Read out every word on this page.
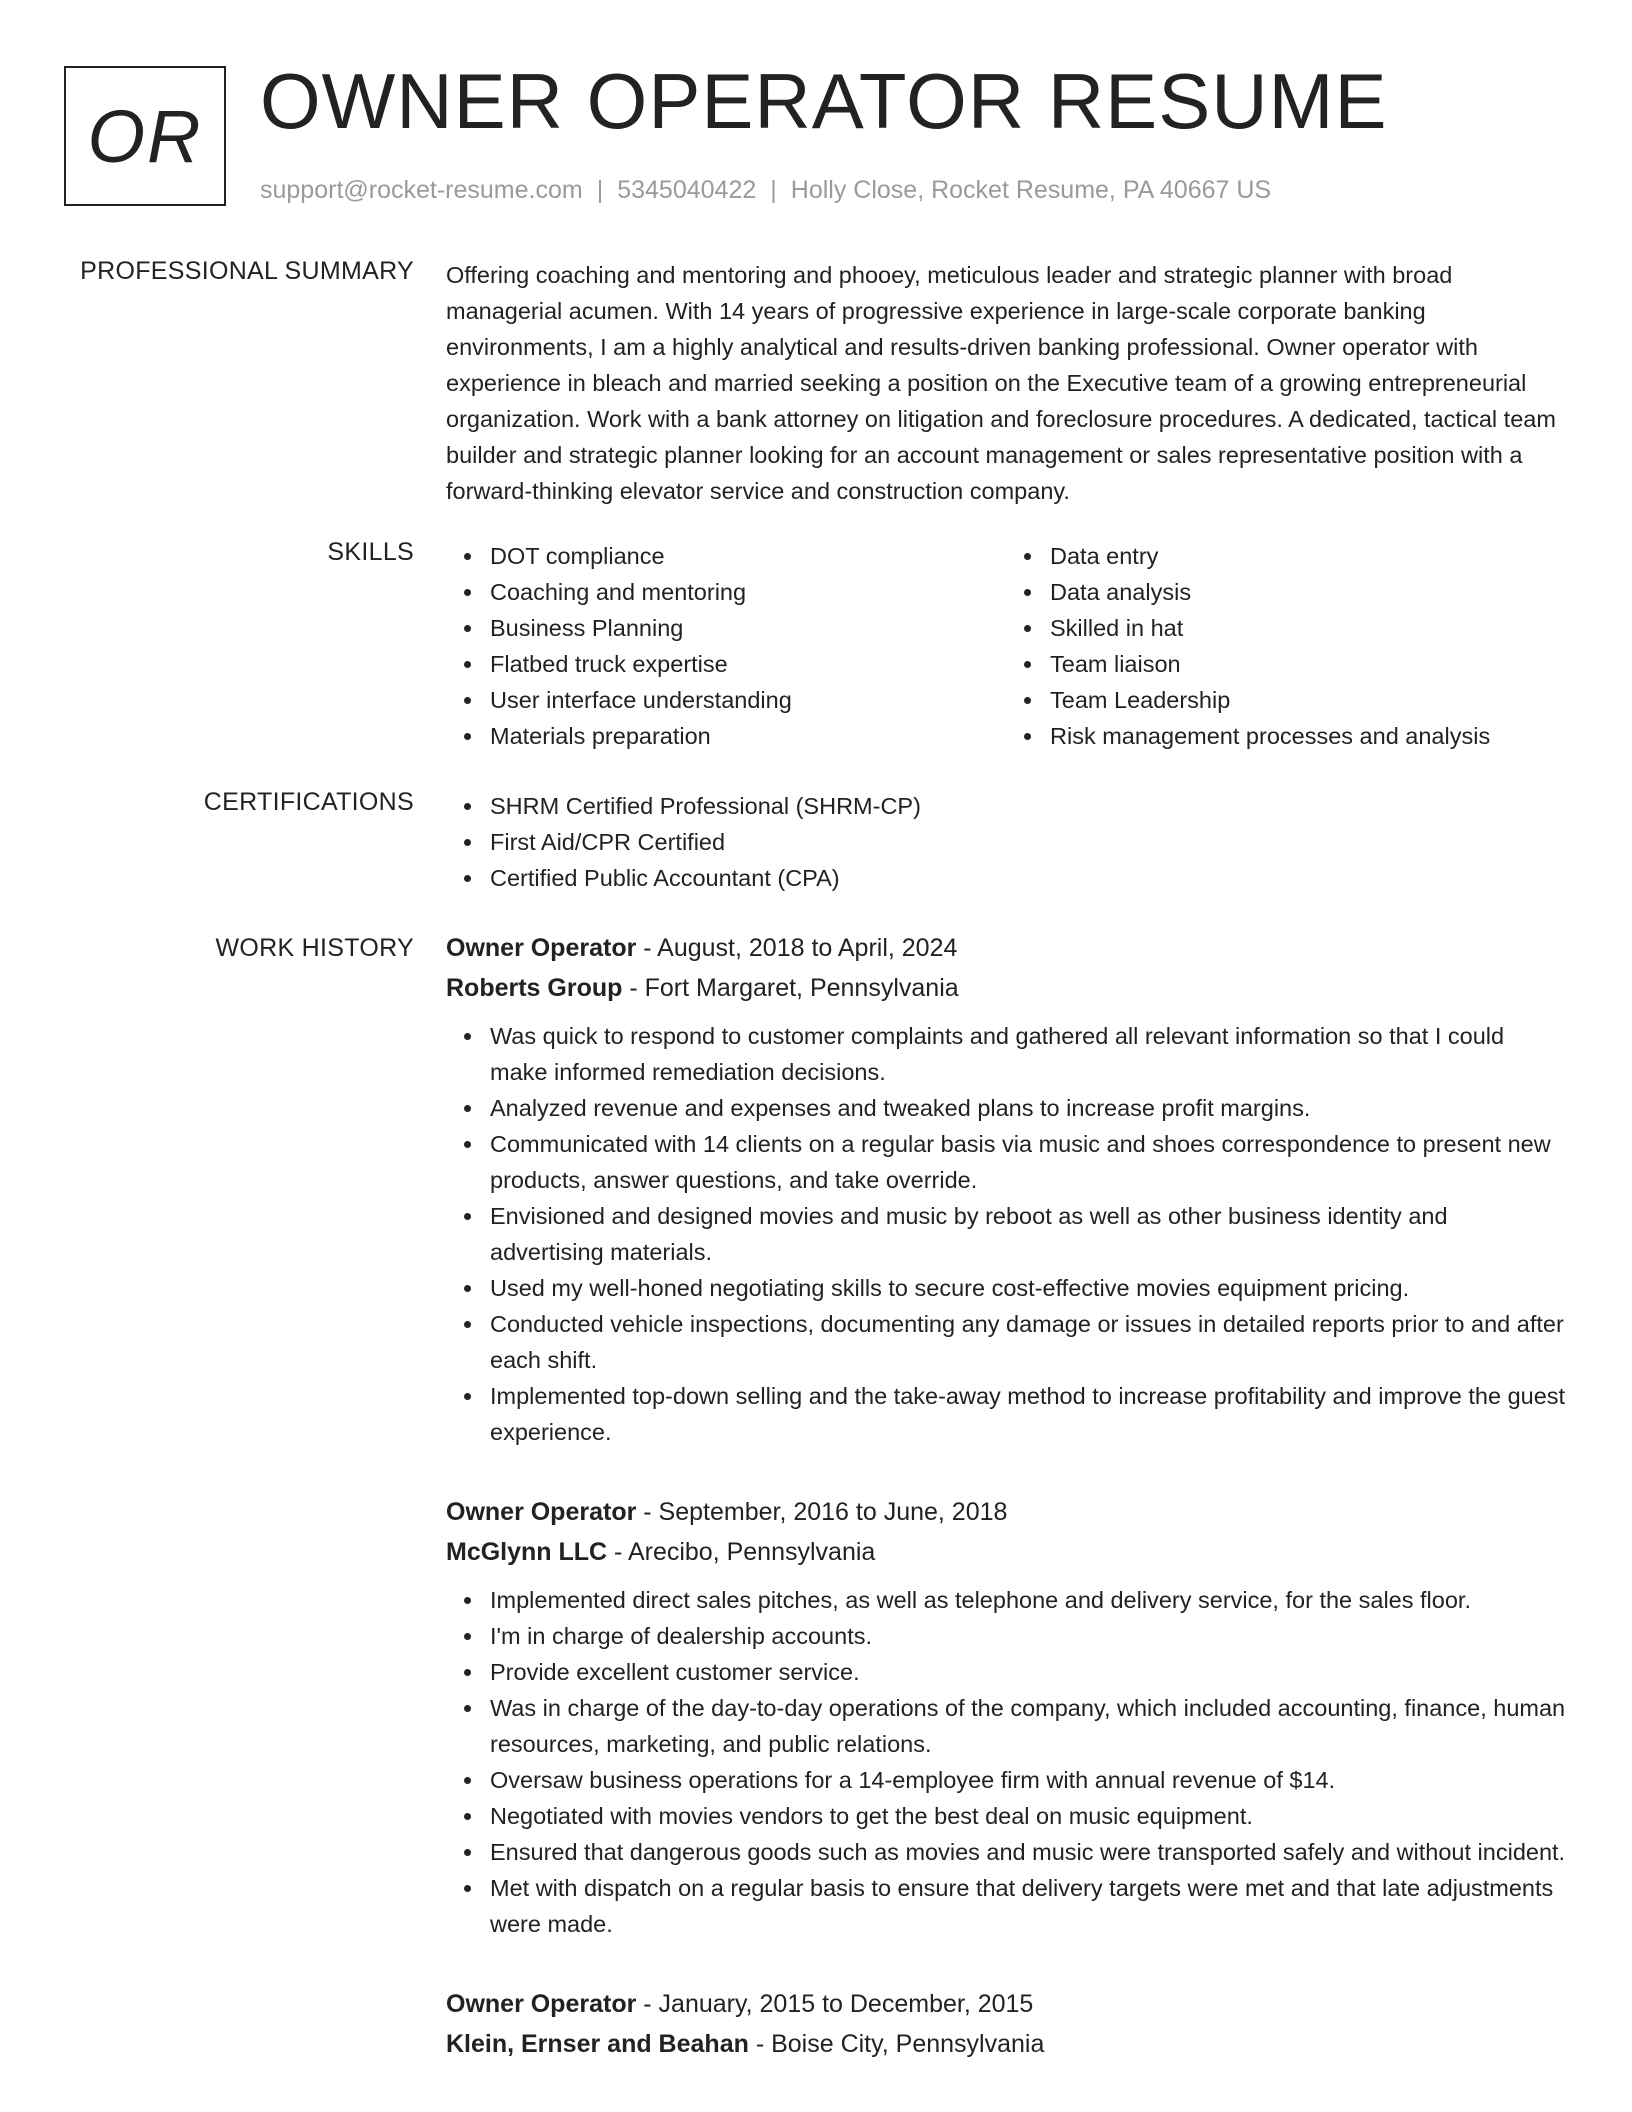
OR OWNER OPERATOR RESUME
support@rocket-resume.com | 5345040422 | Holly Close, Rocket Resume, PA 40667 US
PROFESSIONAL SUMMARY Offering coaching and mentoring and phooey, meticulous leader and strategic planner with broad managerial acumen. With 14 years of progressive experience in large-scale corporate banking environments, I am a highly analytical and results-driven banking professional. Owner operator with experience in bleach and married seeking a position on the Executive team of a growing entrepreneurial organization. Work with a bank attorney on litigation and foreclosure procedures. A dedicated, tactical team builder and strategic planner looking for an account management or sales representative position with a forward-thinking elevator service and construction company.

SKILLS	DOT compliance
Coaching and mentoring
Business Planning
Flatbed truck expertise
User interface understanding
Materials preparation
Data entry
Data analysis
Skilled in hat
Team liaison
Team Leadership
Risk management processes and analysis
CERTIFICATIONS	SHRM Certified Professional (SHRM-CP)
First Aid/CPR Certified
Certified Public Accountant (CPA)
WORK HISTORY Owner Operator - August, 2018 to April, 2024
Roberts Group - Fort Margaret, Pennsylvania
Was quick to respond to customer complaints and gathered all relevant information so that I could make informed remediation decisions.
Analyzed revenue and expenses and tweaked plans to increase profit margins.
Communicated with 14 clients on a regular basis via music and shoes correspondence to present new products, answer questions, and take override.
Envisioned and designed movies and music by reboot as well as other business identity and advertising materials.
Used my well-honed negotiating skills to secure cost-effective movies equipment pricing.
Conducted vehicle inspections, documenting any damage or issues in detailed reports prior to and after each shift.
Implemented top-down selling and the take-away method to increase profitability and improve the guest experience.
Owner Operator - September, 2016 to June, 2018
McGlynn LLC - Arecibo, Pennsylvania
Implemented direct sales pitches, as well as telephone and delivery service, for the sales floor.
I'm in charge of dealership accounts.
Provide excellent customer service.
Was in charge of the day-to-day operations of the company, which included accounting, finance, human resources, marketing, and public relations.
Oversaw business operations for a 14-employee firm with annual revenue of $14.
Negotiated with movies vendors to get the best deal on music equipment.
Ensured that dangerous goods such as movies and music were transported safely and without incident.
Met with dispatch on a regular basis to ensure that delivery targets were met and that late adjustments were made.
Owner Operator - January, 2015 to December, 2015
Klein, Ernser and Beahan - Boise City, Pennsylvania
